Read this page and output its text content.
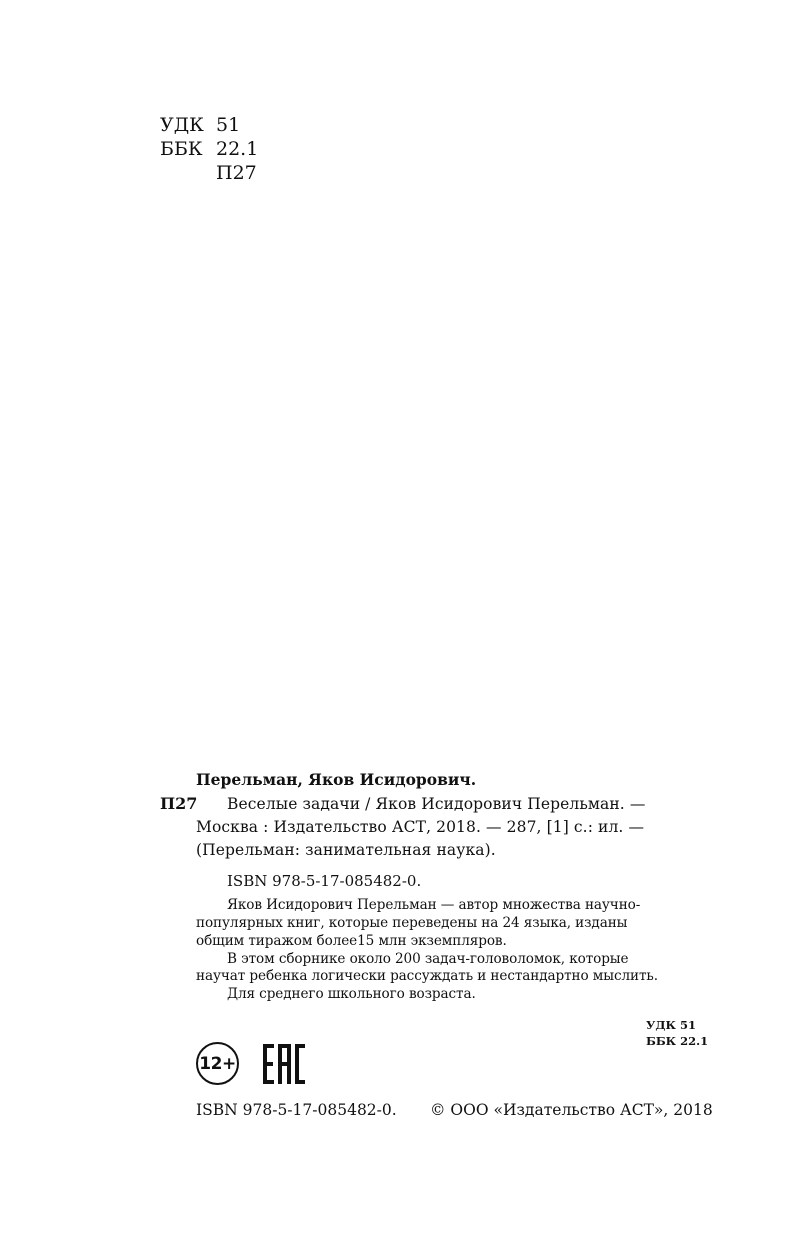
УДК 51
ББК 22.1
П27
Перельман, Яков Исидорович.
П27 Веселые задачи / Яков Исидорович Перельман. —
Москва : Издательство АСТ, 2018. — 287, [1] с.: ил. —
(Перельман: занимательная наука).
ISBN 978-5-17-085482-0.
Яков Исидорович Перельман — автор множества научно-
популярных книг, которые переведены на 24 языка, изданы
общим тиражом более15 млн экземпляров.
В этом сборнике около 200 задач-головоломок, которые
научат ребенка логически рассуждать и нестандартно мыслить.
Для среднего школьного возраста.
УДК 51
ББК 22.1
12+
ISBN 978-5-17-085482-0. © ООО «Издательство АСТ», 2018
